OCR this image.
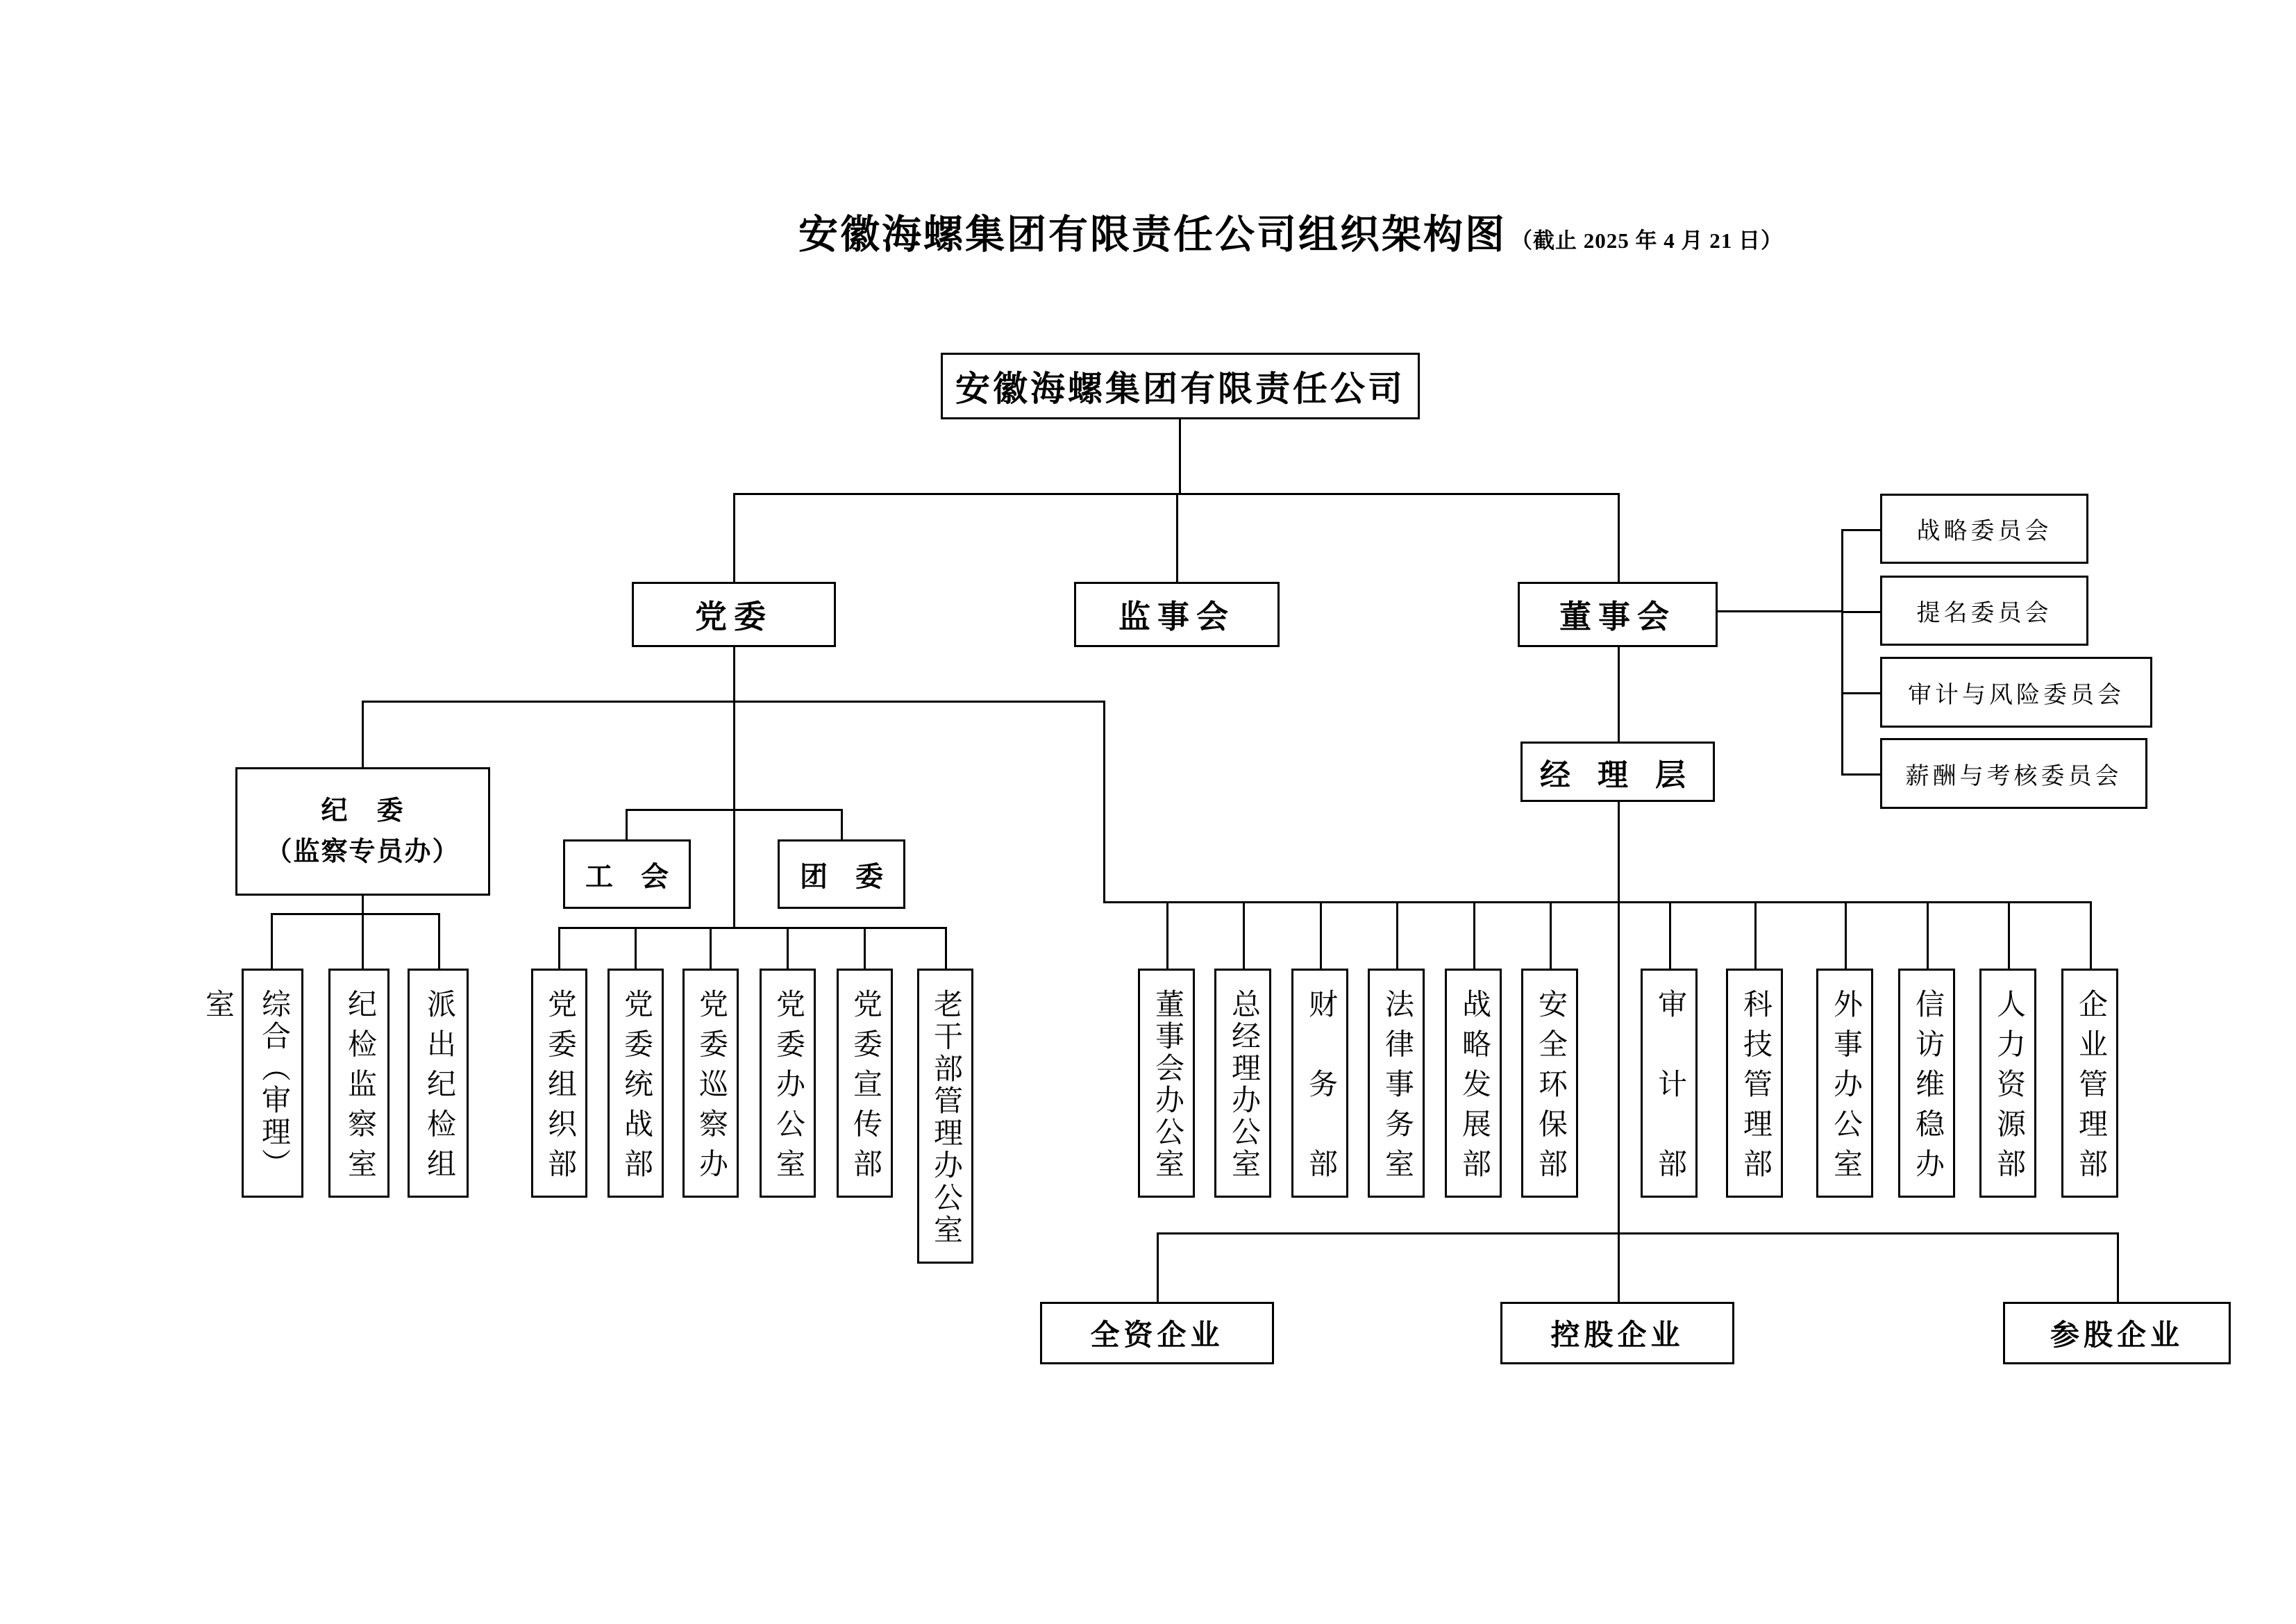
安徽海螺集团有限责任公司组织架构图 （截止 2025 年 4 月 21 日）
安徽海螺集团有限责任公司
党委	监事会	董事会
战略委员会
提名委员会
审计与风险委员会
薪酬与考核委员会
经 理 层
纪　委
（监察专员办）
工　会	团　委
综合（审理）室	纪检监察室	派出纪检组	党委组织部	党委统战部	党委巡察办	党委办公室	党委宣传部	老干部管理办公室	董事会办公室	总经理办公室	财务部	法律事务室	战略发展部	安全环保部	审计部	科技管理部	外事办公室	信访维稳办	人力资源部	企业管理部
全资企业	控股企业	参股企业
